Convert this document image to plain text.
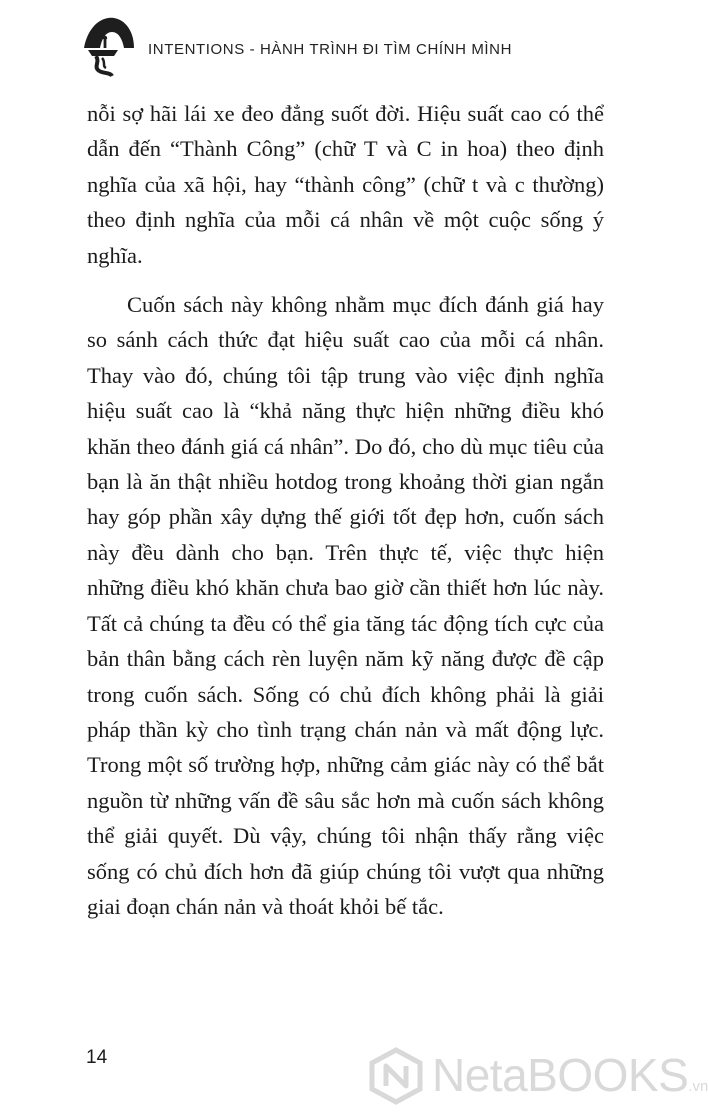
INTENTIONS - HÀNH TRÌNH ĐI TÌM CHÍNH MÌNH

nỗi sợ hãi lái xe đeo đẳng suốt đời. Hiệu suất cao có thể dẫn đến “Thành Công” (chữ T và C in hoa) theo định nghĩa của xã hội, hay “thành công” (chữ t và c thường) theo định nghĩa của mỗi cá nhân về một cuộc sống ý nghĩa.

Cuốn sách này không nhằm mục đích đánh giá hay so sánh cách thức đạt hiệu suất cao của mỗi cá nhân. Thay vào đó, chúng tôi tập trung vào việc định nghĩa hiệu suất cao là “khả năng thực hiện những điều khó khăn theo đánh giá cá nhân”. Do đó, cho dù mục tiêu của bạn là ăn thật nhiều hotdog trong khoảng thời gian ngắn hay góp phần xây dựng thế giới tốt đẹp hơn, cuốn sách này đều dành cho bạn. Trên thực tế, việc thực hiện những điều khó khăn chưa bao giờ cần thiết hơn lúc này. Tất cả chúng ta đều có thể gia tăng tác động tích cực của bản thân bằng cách rèn luyện năm kỹ năng được đề cập trong cuốn sách. Sống có chủ đích không phải là giải pháp thần kỳ cho tình trạng chán nản và mất động lực. Trong một số trường hợp, những cảm giác này có thể bắt nguồn từ những vấn đề sâu sắc hơn mà cuốn sách không thể giải quyết. Dù vậy, chúng tôi nhận thấy rằng việc sống có chủ đích hơn đã giúp chúng tôi vượt qua những giai đoạn chán nản và thoát khỏi bế tắc.

14	NetaBOOKS.vn
